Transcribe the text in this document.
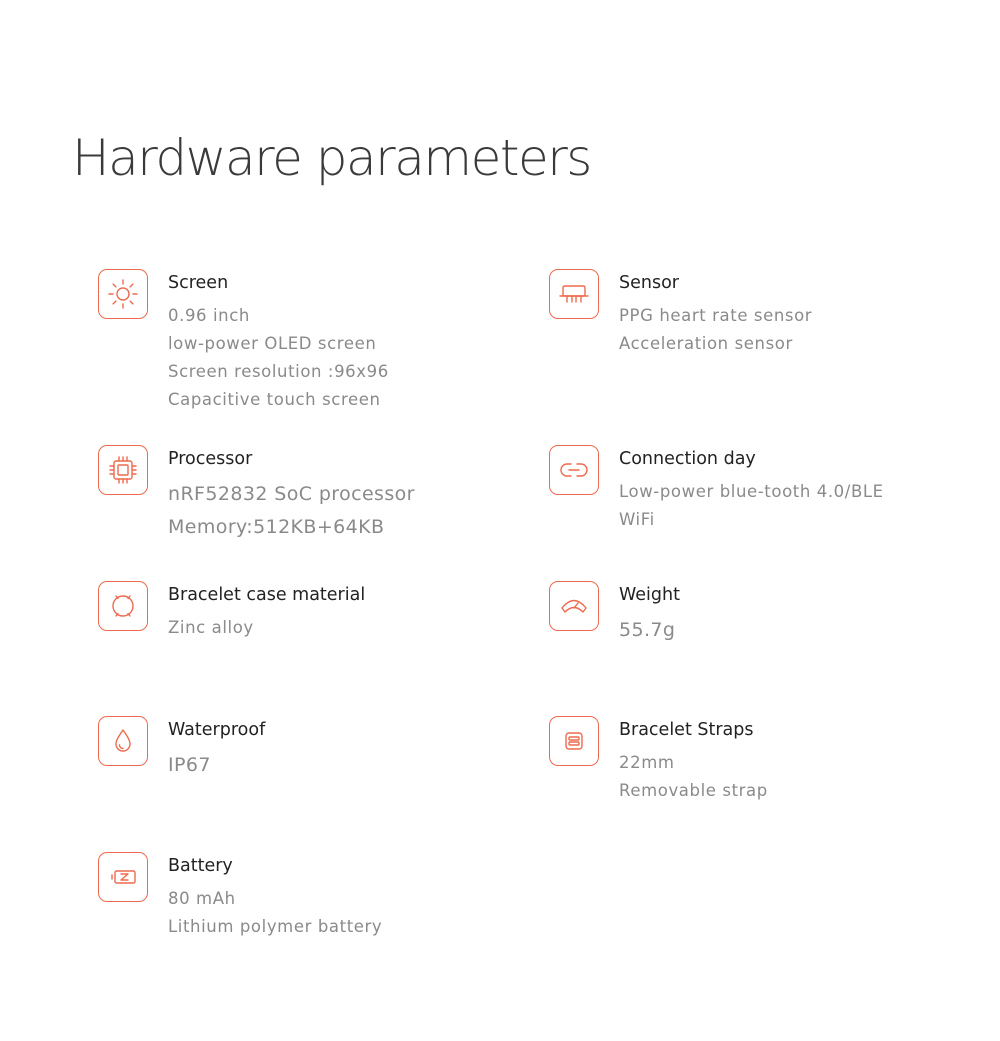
Hardware parameters
Screen
0.96 inch
low-power OLED screen
Screen resolution :96x96
Capacitive touch screen
Sensor
PPG heart rate sensor
Acceleration sensor
Processor
nRF52832 SoC processor
Memory:512KB+64KB
Connection day
Low-power blue-tooth 4.0/BLE
WiFi
Bracelet case material
Zinc alloy
Weight
55.7g
Waterproof
IP67
Bracelet Straps
22mm
Removable strap
Battery
80 mAh
Lithium polymer battery
